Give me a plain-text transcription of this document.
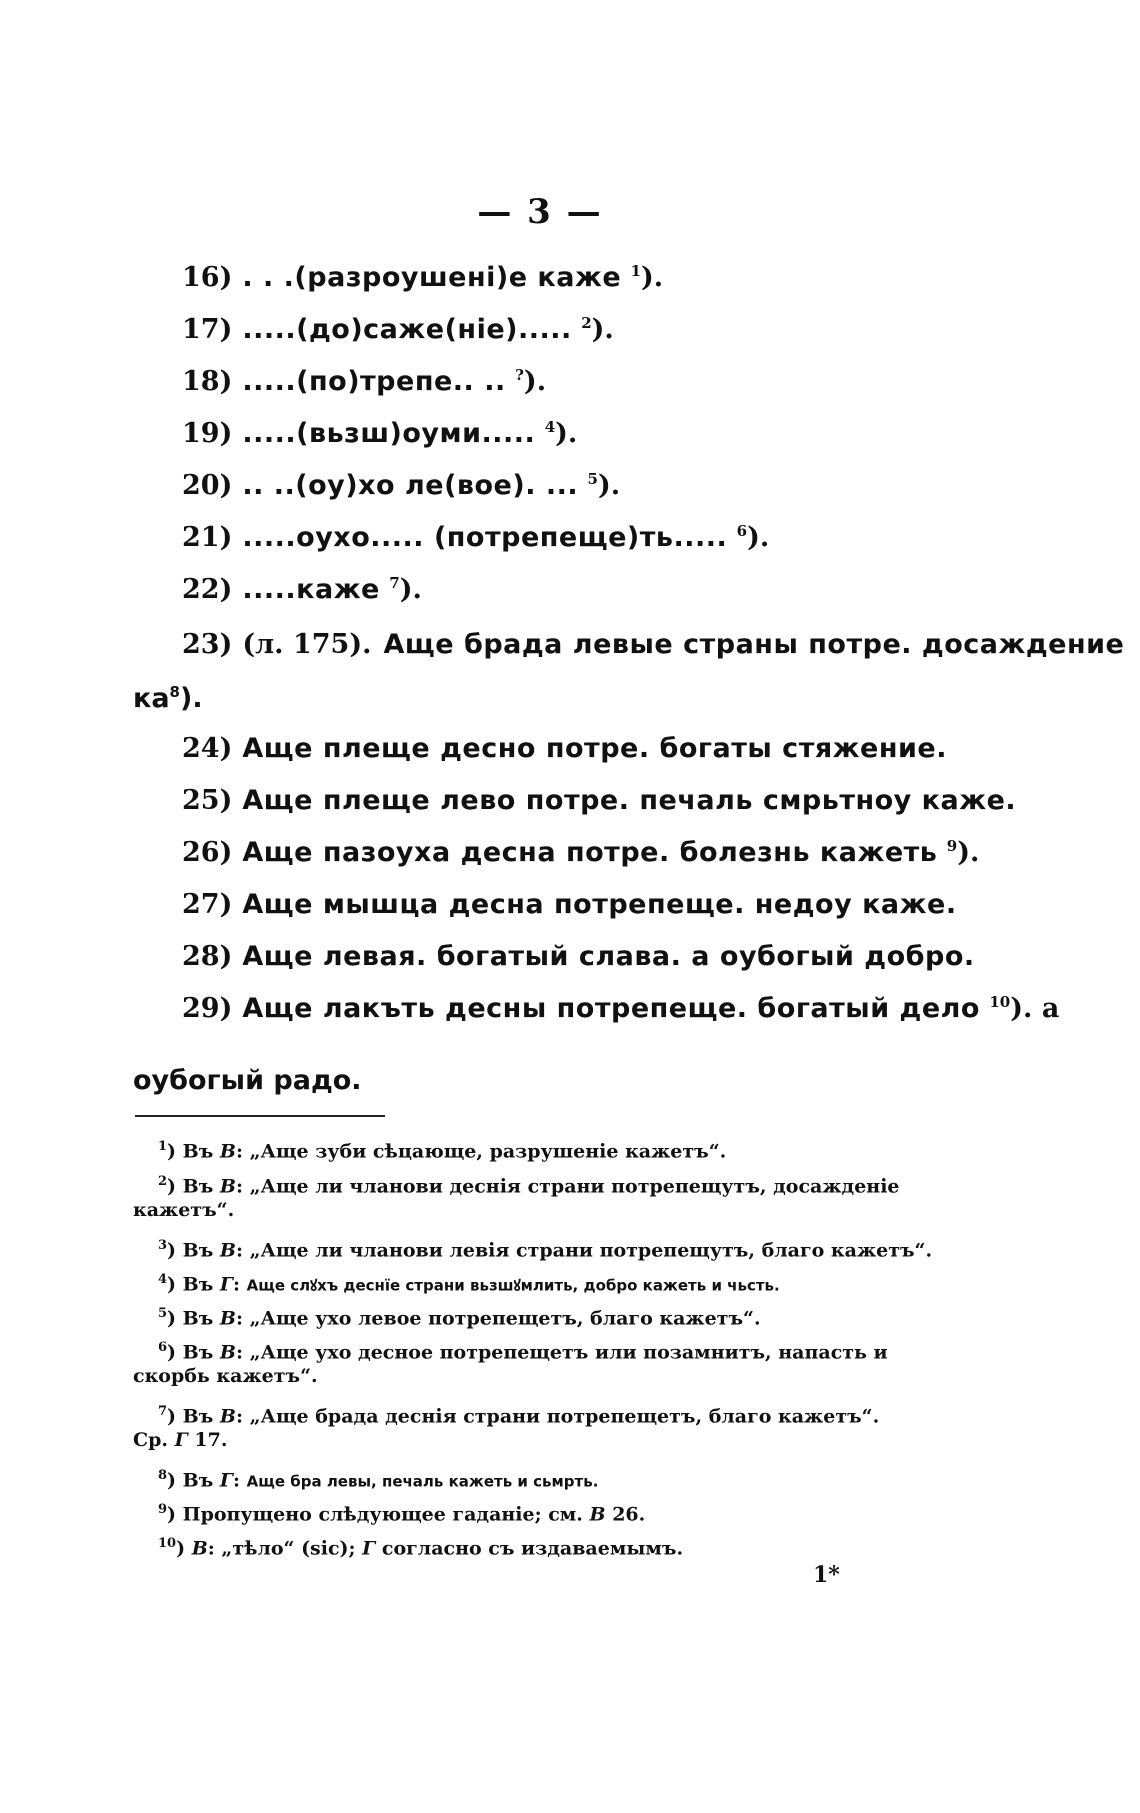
— 3 —
16) . . .(разроушені)е каже $^1$).
17) .....(до)саже(ніе)..... $^2$).
18) .....(по)трепе.. .. ?).
19) .....(вьзш)оуми..... $^4$).
20) .. ..(оу)хо ле(вое). ... $^5$).
21) .....оухо..... (потрепеще)ть..... $^6$).
22) .....каже $^7$).
23) (л. 175). Аще брада левые страны потре. досаждение
24) Аще плеще десно потре. богаты стяжение.
25) Аще плеще лево потре. печаль смрьтноу каже.
26) Аще пазоуха десна потре. болезнь кажеть $^9$).
27) Аще мышца десна потрепеще. недоу каже.
28) Аще левая. богатый слава. а оубогый добро.
29) Аще лакъть десны потрепеще. богатый дело $^{10}$). а
$ка^8$).
оубогый радо.
$^1$) Въ В: „Аще зуби сѣцающе, разрушеніе кажетъ“.
$^2$) Въ В: „Аще ли чланови деснія страни потрепещутъ, досажденіе
кажетъ“.
$^3$) Въ В: „Аще ли чланови левія страни потрепещутъ, благо кажетъ“.
$^4$) Въ Г: Аще слꙋхъ деснїе страни вьзшꙋмлить, добро кажеть и чьсть.
$^5$) Въ В: „Аще ухо левое потрепещетъ, благо кажетъ“.
$^6$) Въ В: „Аще ухо десное потрепещетъ или позамнитъ, напасть и
скорбь кажетъ“.
$^7$) Въ В: „Аще брада деснія страни потрепещетъ, благо кажетъ“.
Ср. Г 17.
$^8$) Въ Г: Аще бра левы, печаль кажеть и сьмрть.
$^9$) Пропущено слѣдующее гаданіе; см. В 26.
$^{10}$) В: „тѣло“ (sic); Г согласно съ издаваемымъ.
1*
